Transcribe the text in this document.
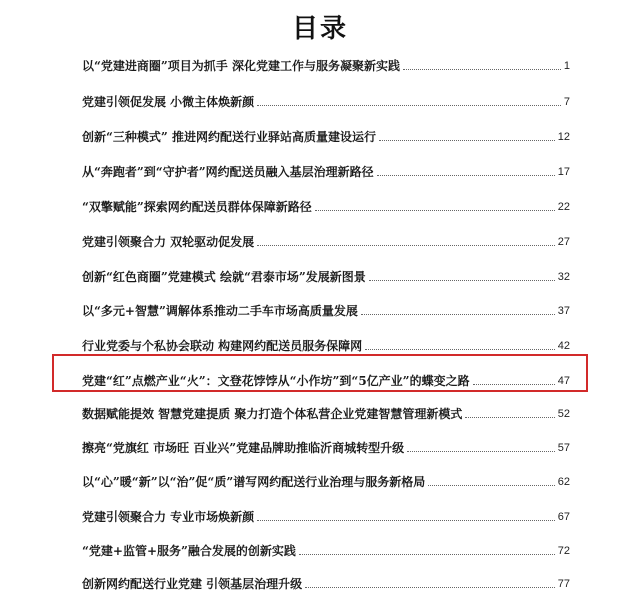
目录
以“党建进商圈”项目为抓手 深化党建工作与服务凝聚新实践	1
党建引领促发展 小微主体焕新颜	7
创新“三种模式” 推进网约配送行业驿站高质量建设运行	12
从“奔跑者”到“守护者”网约配送员融入基层治理新路径	17
“双擎赋能”探索网约配送员群体保障新路径	22
党建引领聚合力 双轮驱动促发展	27
创新“红色商圈”党建模式 绘就“君泰市场”发展新图景	32
以“多元+智慧”调解体系推动二手车市场高质量发展	37
行业党委与个私协会联动 构建网约配送员服务保障网	42
党建“红”点燃产业“火”：文登花饽饽从“小作坊”到“5亿产业”的蝶变之路	47
数据赋能提效 智慧党建提质 聚力打造个体私营企业党建智慧管理新模式	52
擦亮“党旗红 市场旺 百业兴”党建品牌助推临沂商城转型升级	57
以“心”暖“新”以“治”促“质”谱写网约配送行业治理与服务新格局	62
党建引领聚合力 专业市场焕新颜	67
“党建+监管+服务”融合发展的创新实践	72
创新网约配送行业党建 引领基层治理升级	77
